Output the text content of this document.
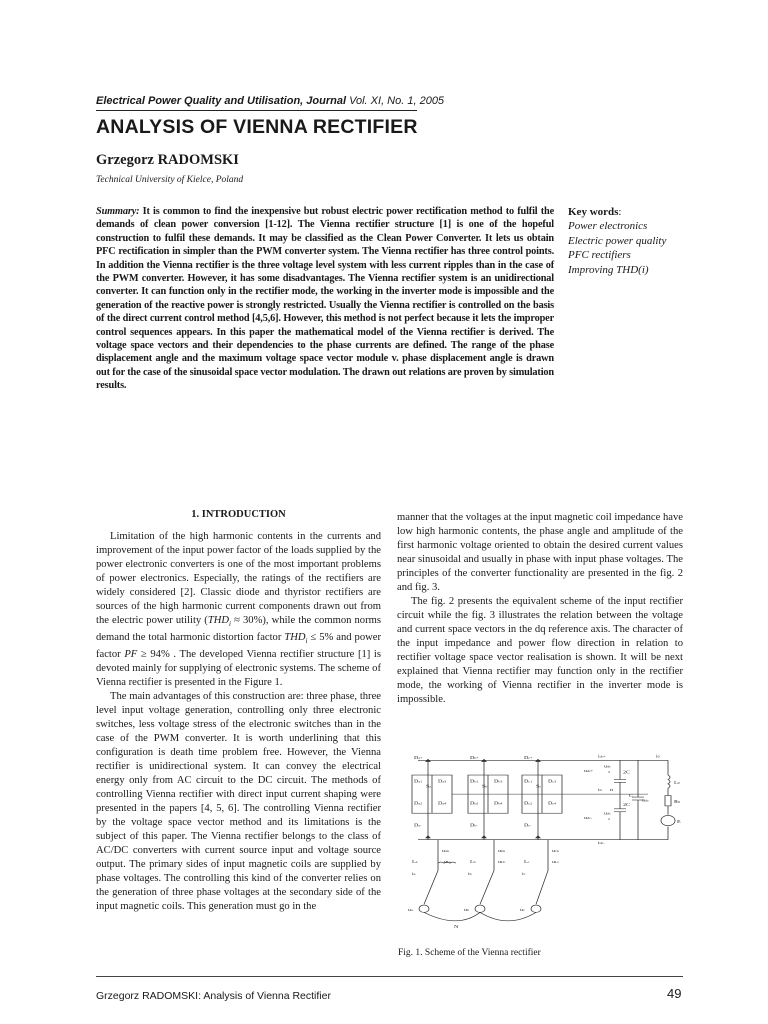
Electrical Power Quality and Utilisation, Journal Vol. XI, No. 1, 2005
ANALYSIS OF VIENNA RECTIFIER
Grzegorz RADOMSKI
Technical University of Kielce, Poland
Summary: It is common to find the inexpensive but robust electric power rectification method to fulfil the demands of clean power conversion [1-12]. The Vienna rectifier structure [1] is one of the hopeful construction to fulfil these demands. It may be classified as the Clean Power Converter. It lets us obtain PFC rectification in simpler than the PWM converter system. The Vienna rectifier has three control points. In addition the Vienna rectifier is the three voltage level system with less current ripples than in the case of the PWM converter. However, it has some disadvantages. The Vienna rectifier system is an unidirectional converter. It can function only in the rectifier mode, the working in the inverter mode is impossible and the generation of the reactive power is strongly restricted. Usually the Vienna rectifier is controlled on the basis of the direct current control method [4,5,6]. However, this method is not perfect because it lets the improper control sequences appears. In this paper the mathematical model of the Vienna rectifier is derived. The voltage space vectors and their dependencies to the phase currents are defined. The range of the phase displacement angle and the maximum voltage space vector module v. phase displacement angle is drawn out for the case of the sinusoidal space vector modulation. The drawn out relations are proven by simulation results.
Key words:
Power electronics
Electric power quality
PFC rectifiers
Improving THD(i)
1. INTRODUCTION
Limitation of the high harmonic contents in the currents and improvement of the input power factor of the loads supplied by the power electronic converters is one of the most important problems of power electronics. Especially, the ratings of the rectifiers are widely considered [2]. Classic diode and thyristor rectifiers are sources of the high harmonic current components drawn out from the electric power utility $(THD_i \approx 30\%)$, while the common norms demand the total harmonic distortion factor $THD_i \le 5\%$ and power factor PF ≥ 94% . The developed Vienna rectifier structure [1] is devoted mainly for supplying of electronic systems. The scheme of Vienna rectifier is presented in the Figure 1.
The main advantages of this construction are: three phase, three level input voltage generation, controlling only three electronic switches, less voltage stress of the electronic switches than in the case of the PWM converter. It is worth underlining that this configuration is death time problem free. However, the Vienna rectifier is unidirectional system. It can convey the electrical energy only from AC circuit to the DC circuit. The methods of controlling Vienna rectifier with direct input current shaping were presented in the papers [4, 5, 6]. The controlling Vienna rectifier by the voltage space vector method and its limitations is the subject of this paper. The Vienna rectifier belongs to the class of AC/DC converters with current source input and voltage source output. The primary sides of input magnetic coils are supplied by phase voltages. The controlling this kind of the converter relies on the generation of three phase voltages at the secondary side of the input magnetic coils. This generation must go in the
manner that the voltages at the input magnetic coil impedance have low high harmonic contents, the phase angle and amplitude of the first harmonic voltage oriented to obtain the desired current values near sinusoidal and usually in phase with input phase voltages. The principles of the converter functionality are presented in the fig. 2 and fig. 3.
The fig. 2 presents the equivalent scheme of the input rectifier circuit while the fig. 3 illustrates the relation between the voltage and current space vectors in the dq reference axis. The character of the input impedance and power flow direction in relation to rectifier voltage space vector realisation is shown. It will be next explained that Vienna rectifier may function only in the rectifier mode, the working of Vienna rectifier in the inverter mode is impossible.
Da+	Db+	Dc+
Da1	Da3	Db1	Db3	Dc1	Dc3
Sa	Sb	Sc
Da2	Da4	Db2	Db4	Dc2	Dc4
Da-	Db-	Dc-
idc+	i0
idc-
in
udc+
udc-
udc
udc
2
2
2C
2C
C
n
udc
L0
R0
E
N
ua	ub	uc
La	Lb	Lc
ia	ib	ic
uLa	uLb	uLc
uan	ubn	ucn
Fig. 1. Scheme of the Vienna rectifier
Grzegorz RADOMSKI: Analysis of Vienna Rectifier	49
